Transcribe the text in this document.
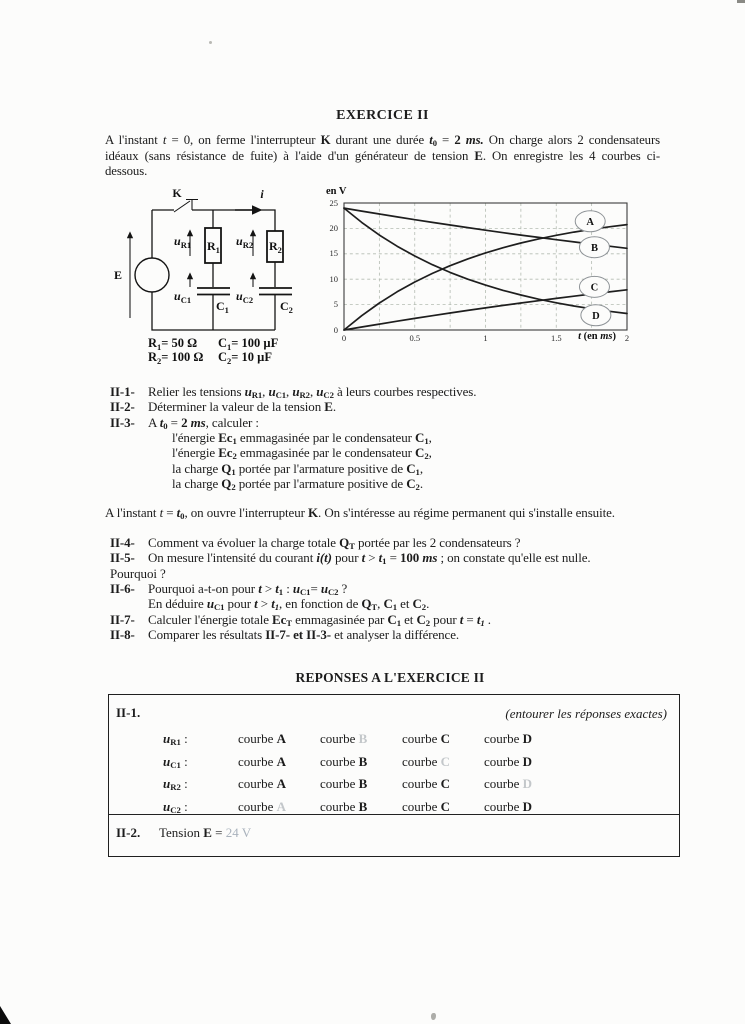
EXERCICE II
A l'instant t = 0, on ferme l'interrupteur K durant une durée $t_0 = 2$ ms. On charge alors 2 condensateurs
idéaux (sans résistance de fuite) à l'aide d'un générateur de tension E. On enregistre les 4 courbes ci-
dessous.
K	i
E
$R_1$	$R_2$
$C_1$	$C_2$
$u_{R1}$	$u_{R2}$
$u_{C1}$	$u_{C2}$
$R_1= 50$ Ω
$R_2= 100$ Ω
$C_1= 100$ µF
$C_2= 10$ µF
A
B
C
D
en V
t (en ms)
0
5
10
15
20
25
0	0.5	1	1.5	2
II-1- Relier les tensions $u_{R1}$, $u_{C1}$, $u_{R2}$, $u_{C2}$ à leurs courbes respectives.
II-2- Déterminer la valeur de la tension E.
II-3- A $t_0 = 2$ ms, calculer :
l'énergie $Ec_1$ emmagasinée par le condensateur $C_1$,
l'énergie $Ec_2$ emmagasinée par le condensateur $C_2$,
la charge $Q_1$ portée par l'armature positive de $C_1$,
la charge $Q_2$ portée par l'armature positive de $C_2$.
A l'instant $t = t_0$, on ouvre l'interrupteur K. On s'intéresse au régime permanent qui s'installe ensuite.
II-4- Comment va évoluer la charge totale $Q_T$ portée par les 2 condensateurs ?
II-5- On mesure l'intensité du courant i(t) pour $t > t_1 = 100$ ms ; on constate qu'elle est nulle.
Pourquoi ?
II-6- Pourquoi a-t-on pour $t > t_1$ : $u_{C1}= u_{C2}$ ?
En déduire $u_{C1}$ pour $t > t_1$, en fonction de $Q_T$, $C_1$ et $C_2$.
II-7- Calculer l'énergie totale $Ec_T$ emmagasinée par $C_1$ et $C_2$ pour $t = t_1$ .
II-8- Comparer les résultats II-7- et II-3- et analyser la différence.
REPONSES A L'EXERCICE II
II-1.	(entourer les réponses exactes)
$u_{R1}$ :	courbe A	courbe B	courbe C	courbe D
$u_{C1}$ :	courbe A	courbe B	courbe C	courbe D
$u_{R2}$ :	courbe A	courbe B	courbe C	courbe D
$u_{C2}$ :	courbe A	courbe B	courbe C	courbe D
II-2. Tension E = 24 V
